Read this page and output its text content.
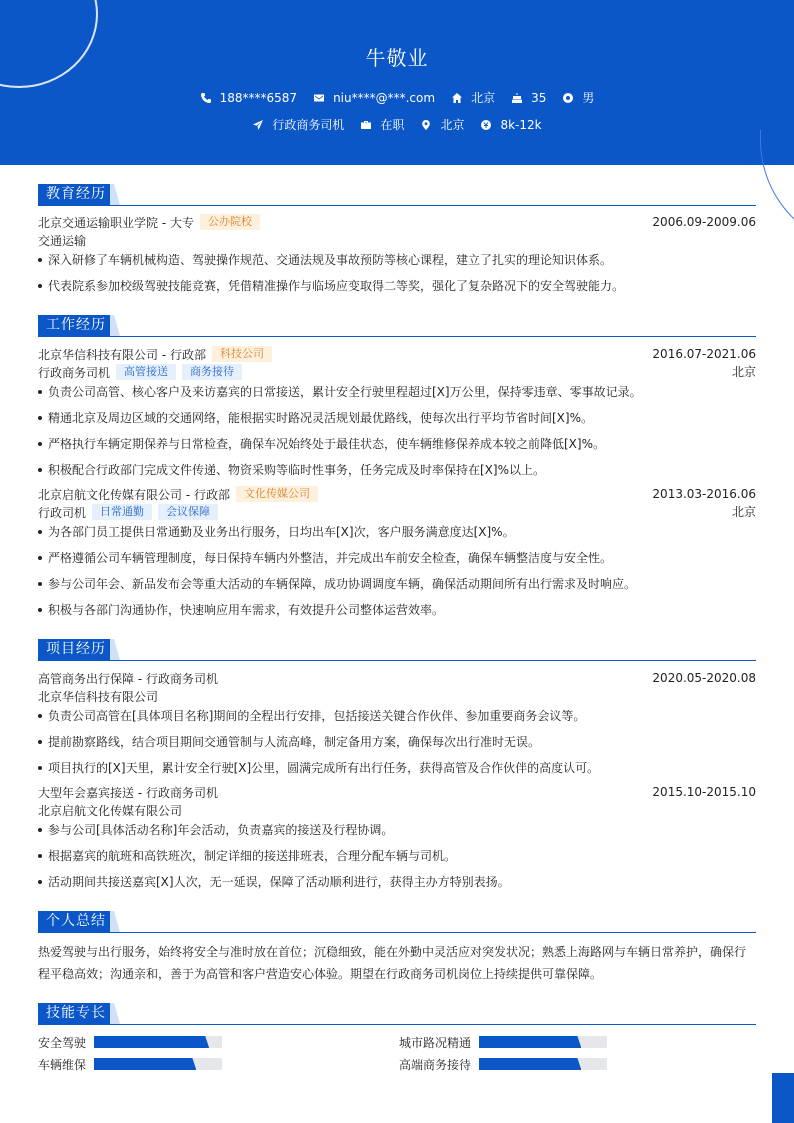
牛敬业
188****6587	niu****@***.com	北京	35	男
行政商务司机	在职	北京	8k-12k
教育经历
北京交通运输职业学院 - 大专	公办院校	2006.09-2009.06
交通运输
深入研修了车辆机械构造、驾驶操作规范、交通法规及事故预防等核心课程，建立了扎实的理论知识体系。
代表院系参加校级驾驶技能竞赛，凭借精准操作与临场应变取得二等奖，强化了复杂路况下的安全驾驶能力。
工作经历
北京华信科技有限公司 - 行政部	科技公司	2016.07-2021.06
行政商务司机	高管接送	商务接待	北京
负责公司高管、核心客户及来访嘉宾的日常接送，累计安全行驶里程超过[X]万公里，保持零违章、零事故记录。
精通北京及周边区域的交通网络，能根据实时路况灵活规划最优路线，使每次出行平均节省时间[X]%。
严格执行车辆定期保养与日常检查，确保车况始终处于最佳状态，使车辆维修保养成本较之前降低[X]%。
积极配合行政部门完成文件传递、物资采购等临时性事务，任务完成及时率保持在[X]%以上。
北京启航文化传媒有限公司 - 行政部	文化传媒公司	2013.03-2016.06
行政司机	日常通勤	会议保障	北京
为各部门员工提供日常通勤及业务出行服务，日均出车[X]次，客户服务满意度达[X]%。
严格遵循公司车辆管理制度，每日保持车辆内外整洁，并完成出车前安全检查，确保车辆整洁度与安全性。
参与公司年会、新品发布会等重大活动的车辆保障，成功协调调度车辆，确保活动期间所有出行需求及时响应。
积极与各部门沟通协作，快速响应用车需求，有效提升公司整体运营效率。
项目经历
高管商务出行保障 - 行政商务司机	2020.05-2020.08
北京华信科技有限公司
负责公司高管在[具体项目名称]期间的全程出行安排，包括接送关键合作伙伴、参加重要商务会议等。
提前勘察路线，结合项目期间交通管制与人流高峰，制定备用方案，确保每次出行准时无误。
项目执行的[X]天里，累计安全行驶[X]公里，圆满完成所有出行任务，获得高管及合作伙伴的高度认可。
大型年会嘉宾接送 - 行政商务司机	2015.10-2015.10
北京启航文化传媒有限公司
参与公司[具体活动名称]年会活动，负责嘉宾的接送及行程协调。
根据嘉宾的航班和高铁班次，制定详细的接送排班表，合理分配车辆与司机。
活动期间共接送嘉宾[X]人次，无一延误，保障了活动顺利进行，获得主办方特别表扬。
个人总结
热爱驾驶与出行服务，始终将安全与准时放在首位；沉稳细致，能在外勤中灵活应对突发状况；熟悉上海路网与车辆日常养护，确保行程平稳高效；沟通亲和，善于为高管和客户营造安心体验。期望在行政商务司机岗位上持续提供可靠保障。
技能专长
安全驾驶	城市路况精通
车辆维保	高端商务接待
